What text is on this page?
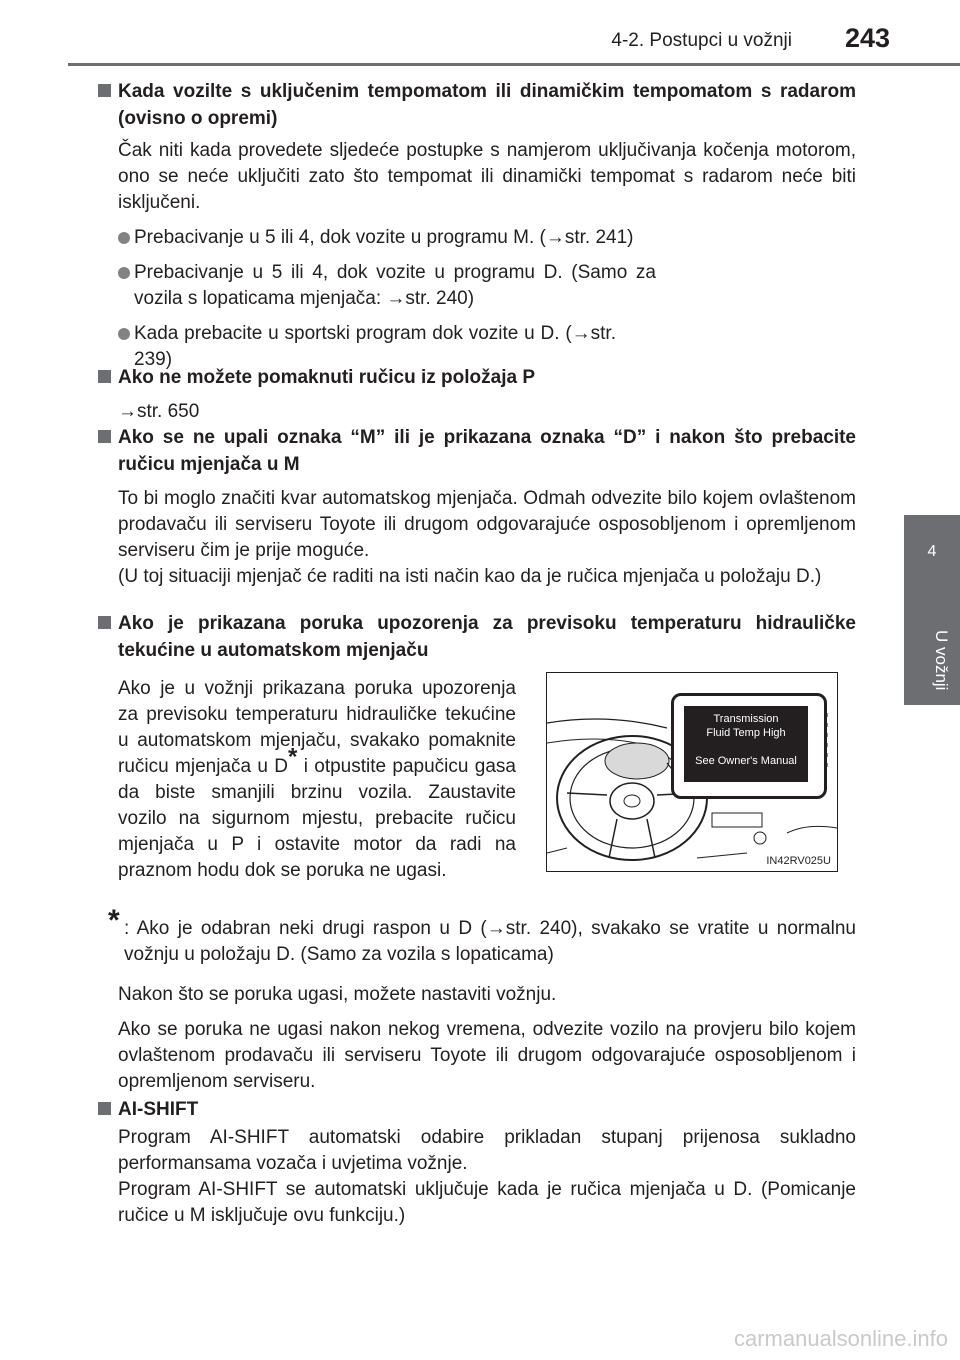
4-2. Postupci u vožnji 243
4
U vožnji
Kada vozilte s uključenim tempomatom ili dinamičkim tempomatom s radarom (ovisno o opremi)
Čak niti kada provedete sljedeće postupke s namjerom uključivanja kočenja motorom, ono se neće uključiti zato što tempomat ili dinamički tempomat s radarom neće biti isključeni.
Prebacivanje u 5 ili 4, dok vozite u programu M. (→str. 241)
Prebacivanje u 5 ili 4, dok vozite u programu D. (Samo za vozila s lopaticama mjenjača: →str. 240)
Kada prebacite u sportski program dok vozite u D. (→str. 239)
Ako ne možete pomaknuti ručicu iz položaja P
→str. 650
Ako se ne upali oznaka “M” ili je prikazana oznaka “D” i nakon što prebacite ručicu mjenjača u M
To bi moglo značiti kvar automatskog mjenjača. Odmah odvezite bilo kojem ovlaštenom prodavaču ili serviseru Toyote ili drugom odgovarajuće osposobljenom i opremljenom serviseru čim je prije moguće.
(U toj situaciji mjenjač će raditi na isti način kao da je ručica mjenjača u položaju D.)
Ako je prikazana poruka upozorenja za previsoku temperaturu hidrauličke tekućine u automatskom mjenjaču
Ako je u vožnji prikazana poruka upozorenja za previsoku temperaturu hidrauličke tekućine u automatskom mjenjaču, svakako pomaknite ručicu mjenjača u D* i otpustite papučicu gasa da biste smanjili brzinu vozila. Zaustavite vozilo na sigurnom mjestu, prebacite ručicu mjenjača u P i ostavite motor da radi na praznom hodu dok se poruka ne ugasi.
Transmission
Fluid Temp High
See Owner's Manual
IN42RV025U
* : Ako je odabran neki drugi raspon u D (→str. 240), svakako se vratite u normalnu vožnju u položaju D. (Samo za vozila s lopaticama)
Nakon što se poruka ugasi, možete nastaviti vožnju.
Ako se poruka ne ugasi nakon nekog vremena, odvezite vozilo na provjeru bilo kojem ovlaštenom prodavaču ili serviseru Toyote ili drugom odgovarajuće osposobljenom i opremljenom serviseru.
AI-SHIFT
Program AI-SHIFT automatski odabire prikladan stupanj prijenosa sukladno performansama vozača i uvjetima vožnje.
Program AI-SHIFT se automatski uključuje kada je ručica mjenjača u D. (Pomicanje ručice u M isključuje ovu funkciju.)
carmanualsonline.info
